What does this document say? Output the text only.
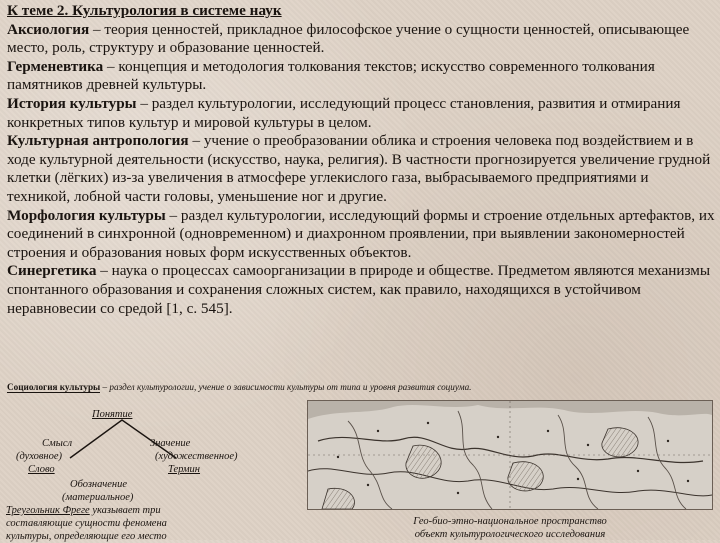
К теме 2. Культурология в системе наук

Аксиология – теория ценностей, прикладное философское учение о сущности ценностей, описывающее место, роль, структуру и образование ценностей.

Герменевтика – концепция и методология толкования текстов; искусство современного толкования памятников древней культуры.

История культуры – раздел культурологии, исследующий процесс становления, развития и отмирания конкретных типов культур и мировой культуры в целом.

Культурная антропология – учение о преобразовании облика и строения человека под воздействием и в ходе культурной деятельности (искусство, наука, религия). В частности прогнозируется увеличение грудной клетки (лёгких) из-за увеличения в атмосфере углекислого газа, выбрасываемого предприятиями и техникой, лобной части головы, уменьшение ног и другие.

Морфология культуры – раздел культурологии, исследующий формы и строение отдельных артефактов, их соединений в синхронной (одновременном) и диахронном проявлении, при выявлении закономерностей строения и образования новых форм искусственных объектов.

Синергетика – наука о процессах самоорганизации в природе и обществе. Предметом являются механизмы спонтанного образования и сохранения сложных систем, как правило, находящихся в устойчивом неравновесии со средой [1, с. 545].

Социология культуры – раздел культурологии, учение о зависимости культуры от типа и уровня развития социума.
Понятие
Смысл
(духовное)
Слово
Значение
(художественное)
Термин
Обозначение
(материальное)
Треугольник Фреге указывает три
составляющие сущности феномена
культуры, определяющие его место
Гео-био-этно-национальное пространство
объект культурологического исследования
